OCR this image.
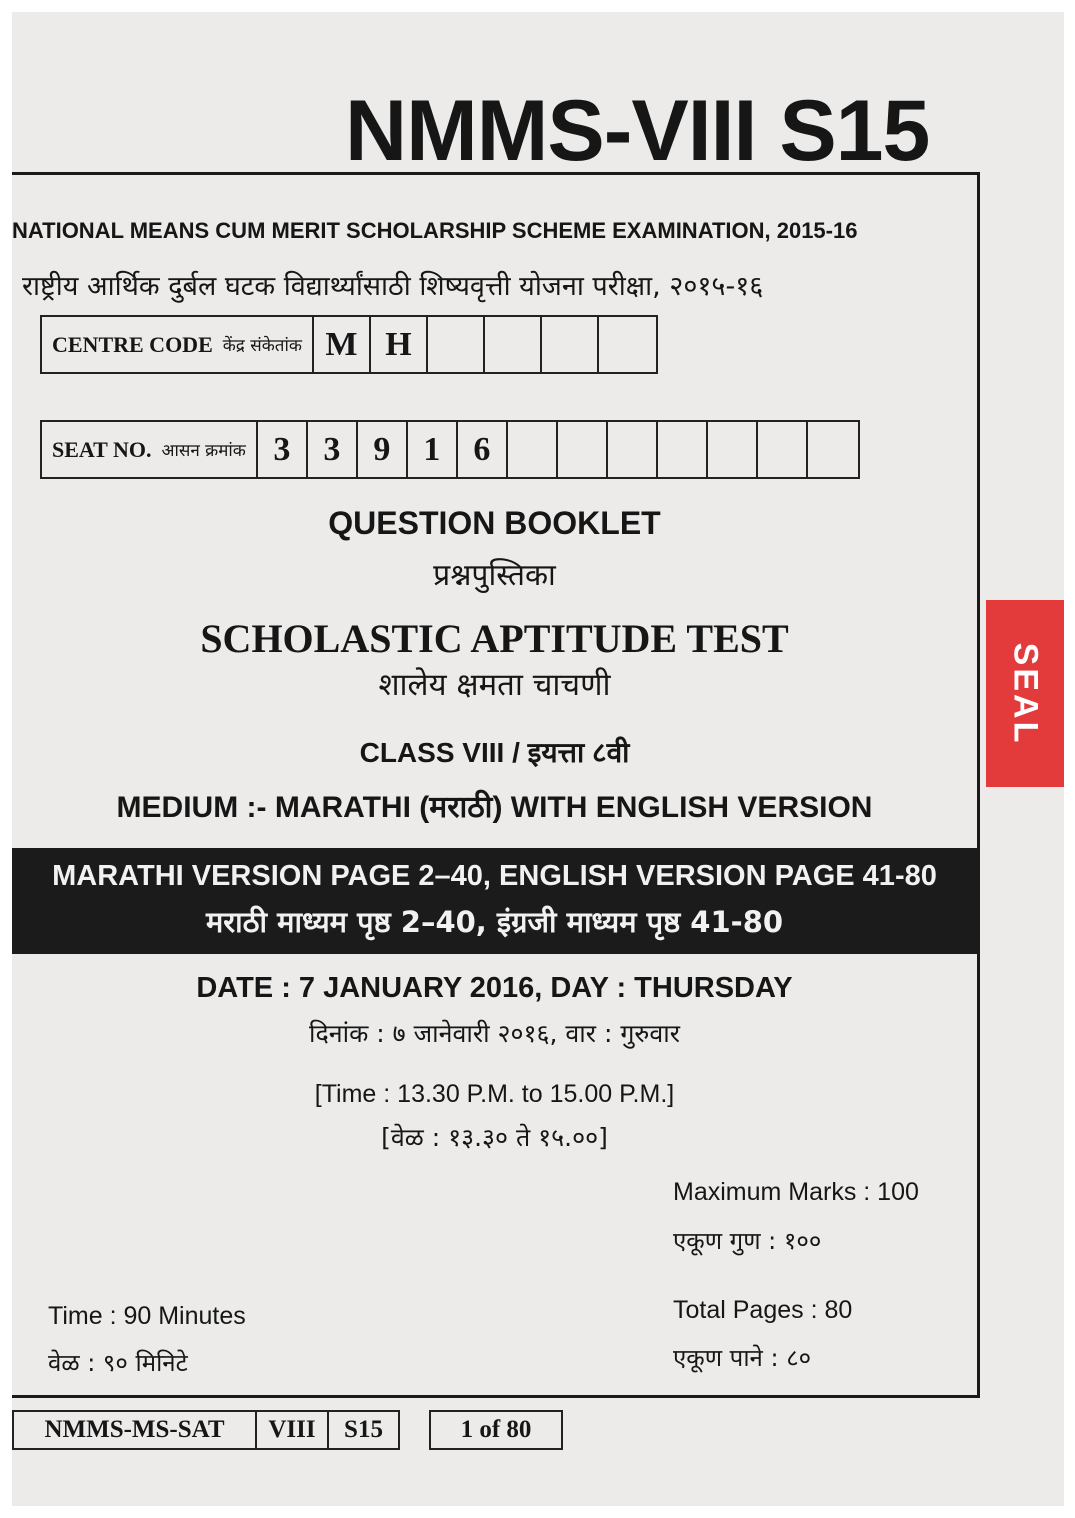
NMMS-VIII S15
NATIONAL MEANS CUM MERIT SCHOLARSHIP SCHEME EXAMINATION, 2015-16
राष्ट्रीय आर्थिक दुर्बल घटक विद्यार्थ्यांसाठी शिष्यवृत्ती योजना परीक्षा, २०१५-१६
CENTRE CODE केंद्र संकेतांक M H
SEAT NO. आसन क्रमांक 3 3 9 1 6
QUESTION BOOKLET
प्रश्नपुस्तिका
SCHOLASTIC APTITUDE TEST
शालेय क्षमता चाचणी
CLASS VIII / इयत्ता ८वी
MEDIUM :- MARATHI (मराठी) WITH ENGLISH VERSION
MARATHI VERSION PAGE 2–40, ENGLISH VERSION PAGE 41-80
मराठी माध्यम पृष्ठ 2–40, इंग्रजी माध्यम पृष्ठ 41-80
DATE : 7 JANUARY 2016, DAY : THURSDAY
दिनांक : ७ जानेवारी २०१६, वार : गुरुवार
[Time : 13.30 P.M. to 15.00 P.M.]
[वेळ : १३.३० ते १५.००]
Maximum Marks : 100
एकूण गुण : १००
Time : 90 Minutes
वेळ : ९० मिनिटे
Total Pages : 80
एकूण पाने : ८०
NMMS-MS-SAT	VIII	S15	1 of 80
SEAL
